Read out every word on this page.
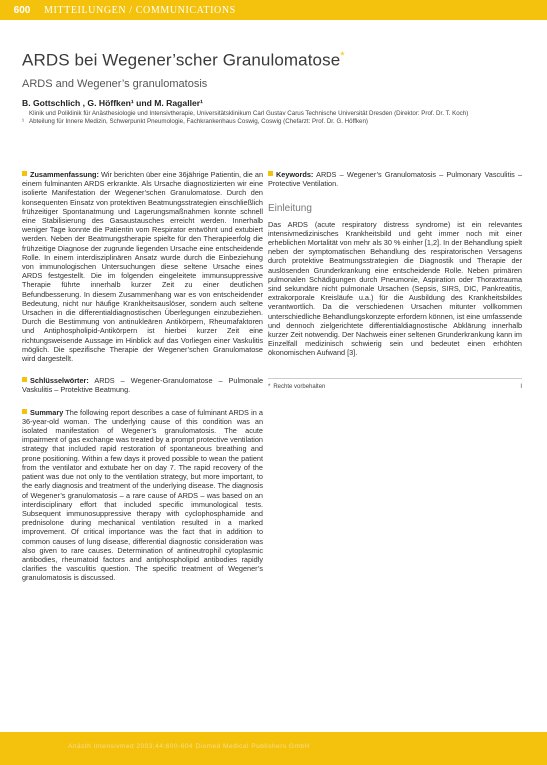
600	MITTEILUNGEN / COMMUNICATIONS
ARDS bei Wegener’scher Granulomatose*
ARDS and Wegener’s granulomatosis
B. Gottschlich , G. Höffken¹ und M. Ragaller¹
Klinik und Poliklinik für Anästhesiologie und Intensivtherapie, Universitätsklinikum Carl Gustav Carus Technische Universität Dresden (Direktor: Prof. Dr. T. Koch)
¹ Abteilung für Innere Medizin, Schwerpunkt Pneumologie, Fachkrankenhaus Coswig, Coswig (Chefarzt: Prof. Dr. G. Höffken)

Zusammenfassung: Wir berichten über eine 36jährige Patientin, die an einem fulminanten ARDS erkrankte. Als Ursache diagnostizierten wir eine isolierte Manifestation der Wegener’schen Granulomatose. Durch den konsequenten Einsatz von protektiven Beatmungsstrategien einschließlich frühzeitiger Spontanatmung und Lagerungsmaßnahmen konnte schnell eine Stabilisierung des Gasaustausches erreicht werden. Innerhalb weniger Tage konnte die Patientin vom Respirator entwöhnt und extubiert werden. Neben der Beatmungstherapie spielte für den Therapieerfolg die frühzeitige Diagnose der zugrunde liegenden Ursache eine entscheidende Rolle. In einem interdisziplinären Ansatz wurde durch die Einbeziehung von immunologischen Untersuchungen diese seltene Ursache eines ARDS festgestellt. Die im folgenden eingeleitete immunsuppressive Therapie führte innerhalb kurzer Zeit zu einer deutlichen Befundbesserung. In diesem Zusammenhang war es von entscheidender Bedeutung, nicht nur häufige Krankheitsauslöser, sondern auch seltene Ursachen in die differentialdiagnostischen Überlegungen einzubeziehen. Durch die Bestimmung von antinukleären Antikörpern, Rheumafaktoren und Antiphospholipid-Antikörpern ist hierbei kurzer Zeit eine richtungsweisende Aussage im Hinblick auf das Vorliegen einer Vaskulitis möglich. Die spezifische Therapie der Wegener’schen Granulomatose wird dargestellt.

Schlüsselwörter: ARDS – Wegener-Granulomatose – Pulmonale Vaskulitis – Protektive Beatmung.

Summary The following report describes a case of fulminant ARDS in a 36-year-old woman. The underlying cause of this condition was an isolated manifestation of Wegener’s granulomatosis. The acute impairment of gas exchange was treated by a prompt protective ventilation strategy that included rapid restoration of spontaneous breathing and prone positioning. Within a few days it proved possible to wean the patient from the ventilator and extubate her on day 7. The rapid recovery of the patient was due not only to the ventilation strategy, but more important, to the early diagnosis and treatment of the underlying disease. The diagnosis of Wegener’s granulomatosis – a rare cause of ARDS – was based on an interdisciplinary effort that included specific immunological tests. Subsequent immunosuppressive therapy with cyclophosphamide and prednisolone during mechanical ventilation resulted in a marked improvement. Of critical importance was the fact that in addition to common causes of lung disease, differential diagnostic consideration was also given to rare causes. Determination of antineutrophil cytoplasmic antibodies, rheumatoid factors and antiphospholipid antibodies rapidly clarifies the vasculitis question. The specific treatment of Wegener’s granulomatosis is discussed.

Keywords: ARDS – Wegener’s Granulomatosis – Pulmonary Vasculitis – Protective Ventilation.

Einleitung

Das ARDS (acute respiratory distress syndrome) ist ein relevantes intensivmedizinisches Krankheitsbild und geht immer noch mit einer erheblichen Mortalität von mehr als 30 % einher [1,2]. In der Behandlung spielt neben der symptomatischen Behandlung des respiratorischen Versagens durch protektive Beatmungsstrategien die Diagnostik und Therapie der auslösenden Grunderkrankung eine entscheidende Rolle. Neben primären pulmonalen Schädigungen durch Pneumonie, Aspiration oder Thoraxtrauma sind sekundäre nicht pulmonale Ursachen (Sepsis, SIRS, DIC, Pankreatitis, extrakorporale Kreisläufe u.a.) für die Ausbildung des Krankheitsbildes verantwortlich. Da die verschiedenen Ursachen mitunter vollkommen unterschiedliche Behandlungskonzepte erfordern können, ist eine umfassende und dennoch zielgerichtete differentialdiagnostische Abklärung innerhalb kurzer Zeit notwendig. Der Nachweis einer seltenen Grunderkrankung kann im Einzelfall medizinisch schwierig sein und bedeutet einen erhöhten ökonomischen Aufwand [3].

* Rechte vorbehalten	I
Anästh Intensivmed 2003;44:600-604 Diomed Medical Publishers GmbH
